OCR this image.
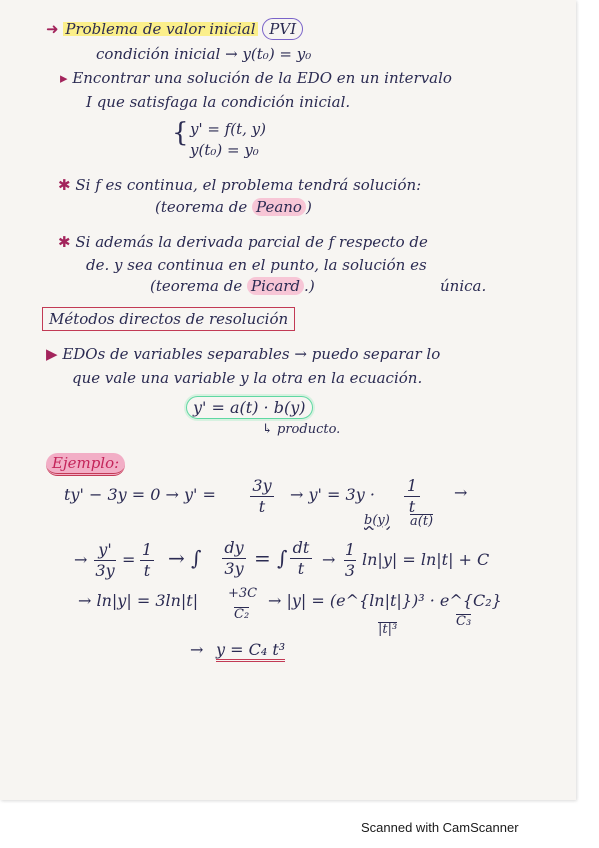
➜ Problema de valor inicial PVI
condición inicial → y(t₀) = y₀
▸ Encontrar una solución de la EDO en un intervalo
I que satisfaga la condición inicial.
{ y' = f(t, y)
y(t₀) = y₀
✱ Si f es continua, el problema tendrá solución:
(teorema de Peano )
✱ Si además la derivada parcial de f respecto de
de. y sea continua en el punto, la solución es
(teorema de Picard .)	única.
Métodos directos de resolución
▶ EDOs de variables separables → puedo separar lo
que vale una variable y la otra en la ecuación.
y' = a(t) · b(y)
↳ producto.
Ejemplo:
ty' − 3y = 0 → y' = 3y
t
→ y' = 3y · 1
t
→
b(y) a(t)
→
y'
3y
=
1
t
→ ∫ dy
3y = ∫ dt
t	→
1
3
ln|y| = ln|t| + C
→ ln|y| = 3ln|t| +3C
C₂
→ |y| = (e^{ln|t|})³ · e^{C₂}
|t|³
C₃
→ y = C₄ t³
Scanned with CamScanner
